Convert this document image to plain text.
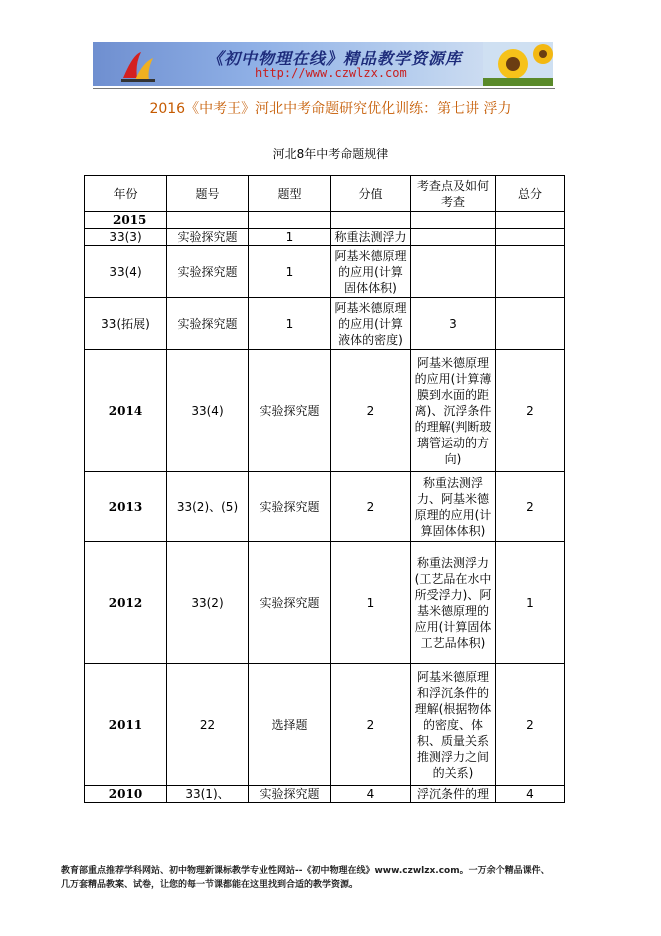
《初中物理在线》精品教学资源库
http://www.czwlzx.com
2016《中考王》河北中考命题研究优化训练：第七讲 浮力
河北8年中考命题规律
年份	题号	题型	分值	考查点及如何考查	总分
2015					
33(3)	实验探究题	1	称重法测浮力		
33(4)	实验探究题	1	阿基米德原理的应用(计算固体体积)		
33(拓展)	实验探究题	1	阿基米德原理的应用(计算液体的密度)	3	
2014	33(4)	实验探究题	2	阿基米德原理的应用(计算薄膜到水面的距离)、沉浮条件的理解(判断玻璃管运动的方向)	2
2013	33(2)、(5)	实验探究题	2	称重法测浮力、阿基米德原理的应用(计算固体体积)	2
2012	33(2)	实验探究题	1	称重法测浮力(工艺品在水中所受浮力)、阿基米德原理的应用(计算固体工艺品体积)	1
2011	22	选择题	2	阿基米德原理和浮沉条件的理解(根据物体的密度、体积、质量关系推测浮力之间的关系)	2
2010	33(1)、	实验探究题	4	浮沉条件的理	4
教育部重点推荐学科网站、初中物理新课标教学专业性网站--《初中物理在线》www.czwlzx.com。一万余个精品课件、
几万套精品教案、试卷，让您的每一节课都能在这里找到合适的教学资源。
